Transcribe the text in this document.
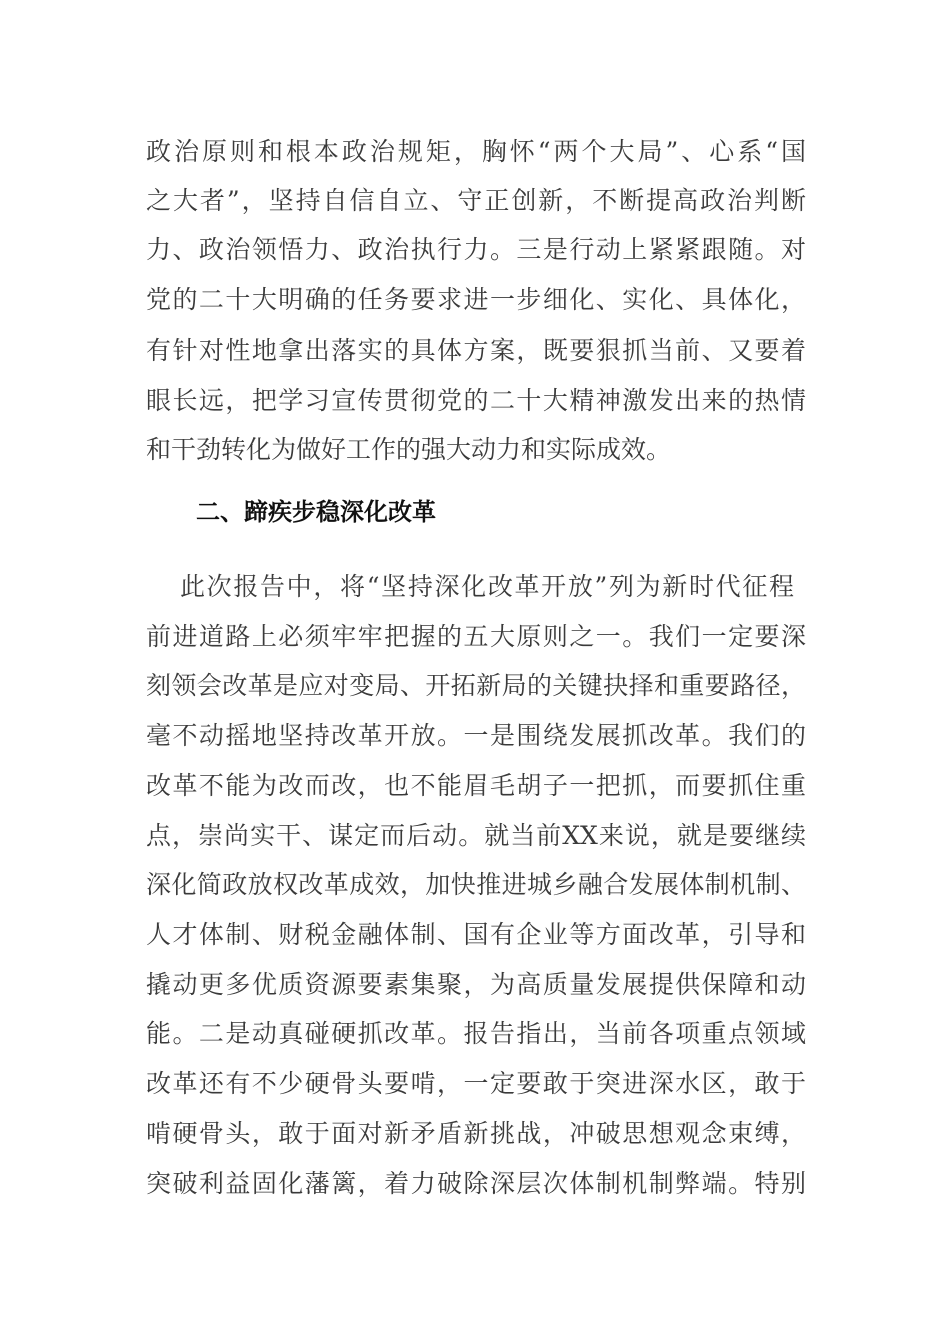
政治原则和根本政治规矩，胸怀“两个大局”、心系“国
之大者”，坚持自信自立、守正创新，不断提高政治判断
力、政治领悟力、政治执行力。三是行动上紧紧跟随。对
党的二十大明确的任务要求进一步细化、实化、具体化，
有针对性地拿出落实的具体方案，既要狠抓当前、又要着
眼长远，把学习宣传贯彻党的二十大精神激发出来的热情
和干劲转化为做好工作的强大动力和实际成效。
二、蹄疾步稳深化改革
此次报告中，将“坚持深化改革开放”列为新时代征程
前进道路上必须牢牢把握的五大原则之一。我们一定要深
刻领会改革是应对变局、开拓新局的关键抉择和重要路径，
毫不动摇地坚持改革开放。一是围绕发展抓改革。我们的
改革不能为改而改，也不能眉毛胡子一把抓，而要抓住重
点，崇尚实干、谋定而后动。就当前XX来说，就是要继续
深化简政放权改革成效，加快推进城乡融合发展体制机制、
人才体制、财税金融体制、国有企业等方面改革，引导和
撬动更多优质资源要素集聚，为高质量发展提供保障和动
能。二是动真碰硬抓改革。报告指出，当前各项重点领域
改革还有不少硬骨头要啃，一定要敢于突进深水区，敢于
啃硬骨头，敢于面对新矛盾新挑战，冲破思想观念束缚，
突破利益固化藩篱，着力破除深层次体制机制弊端。特别
